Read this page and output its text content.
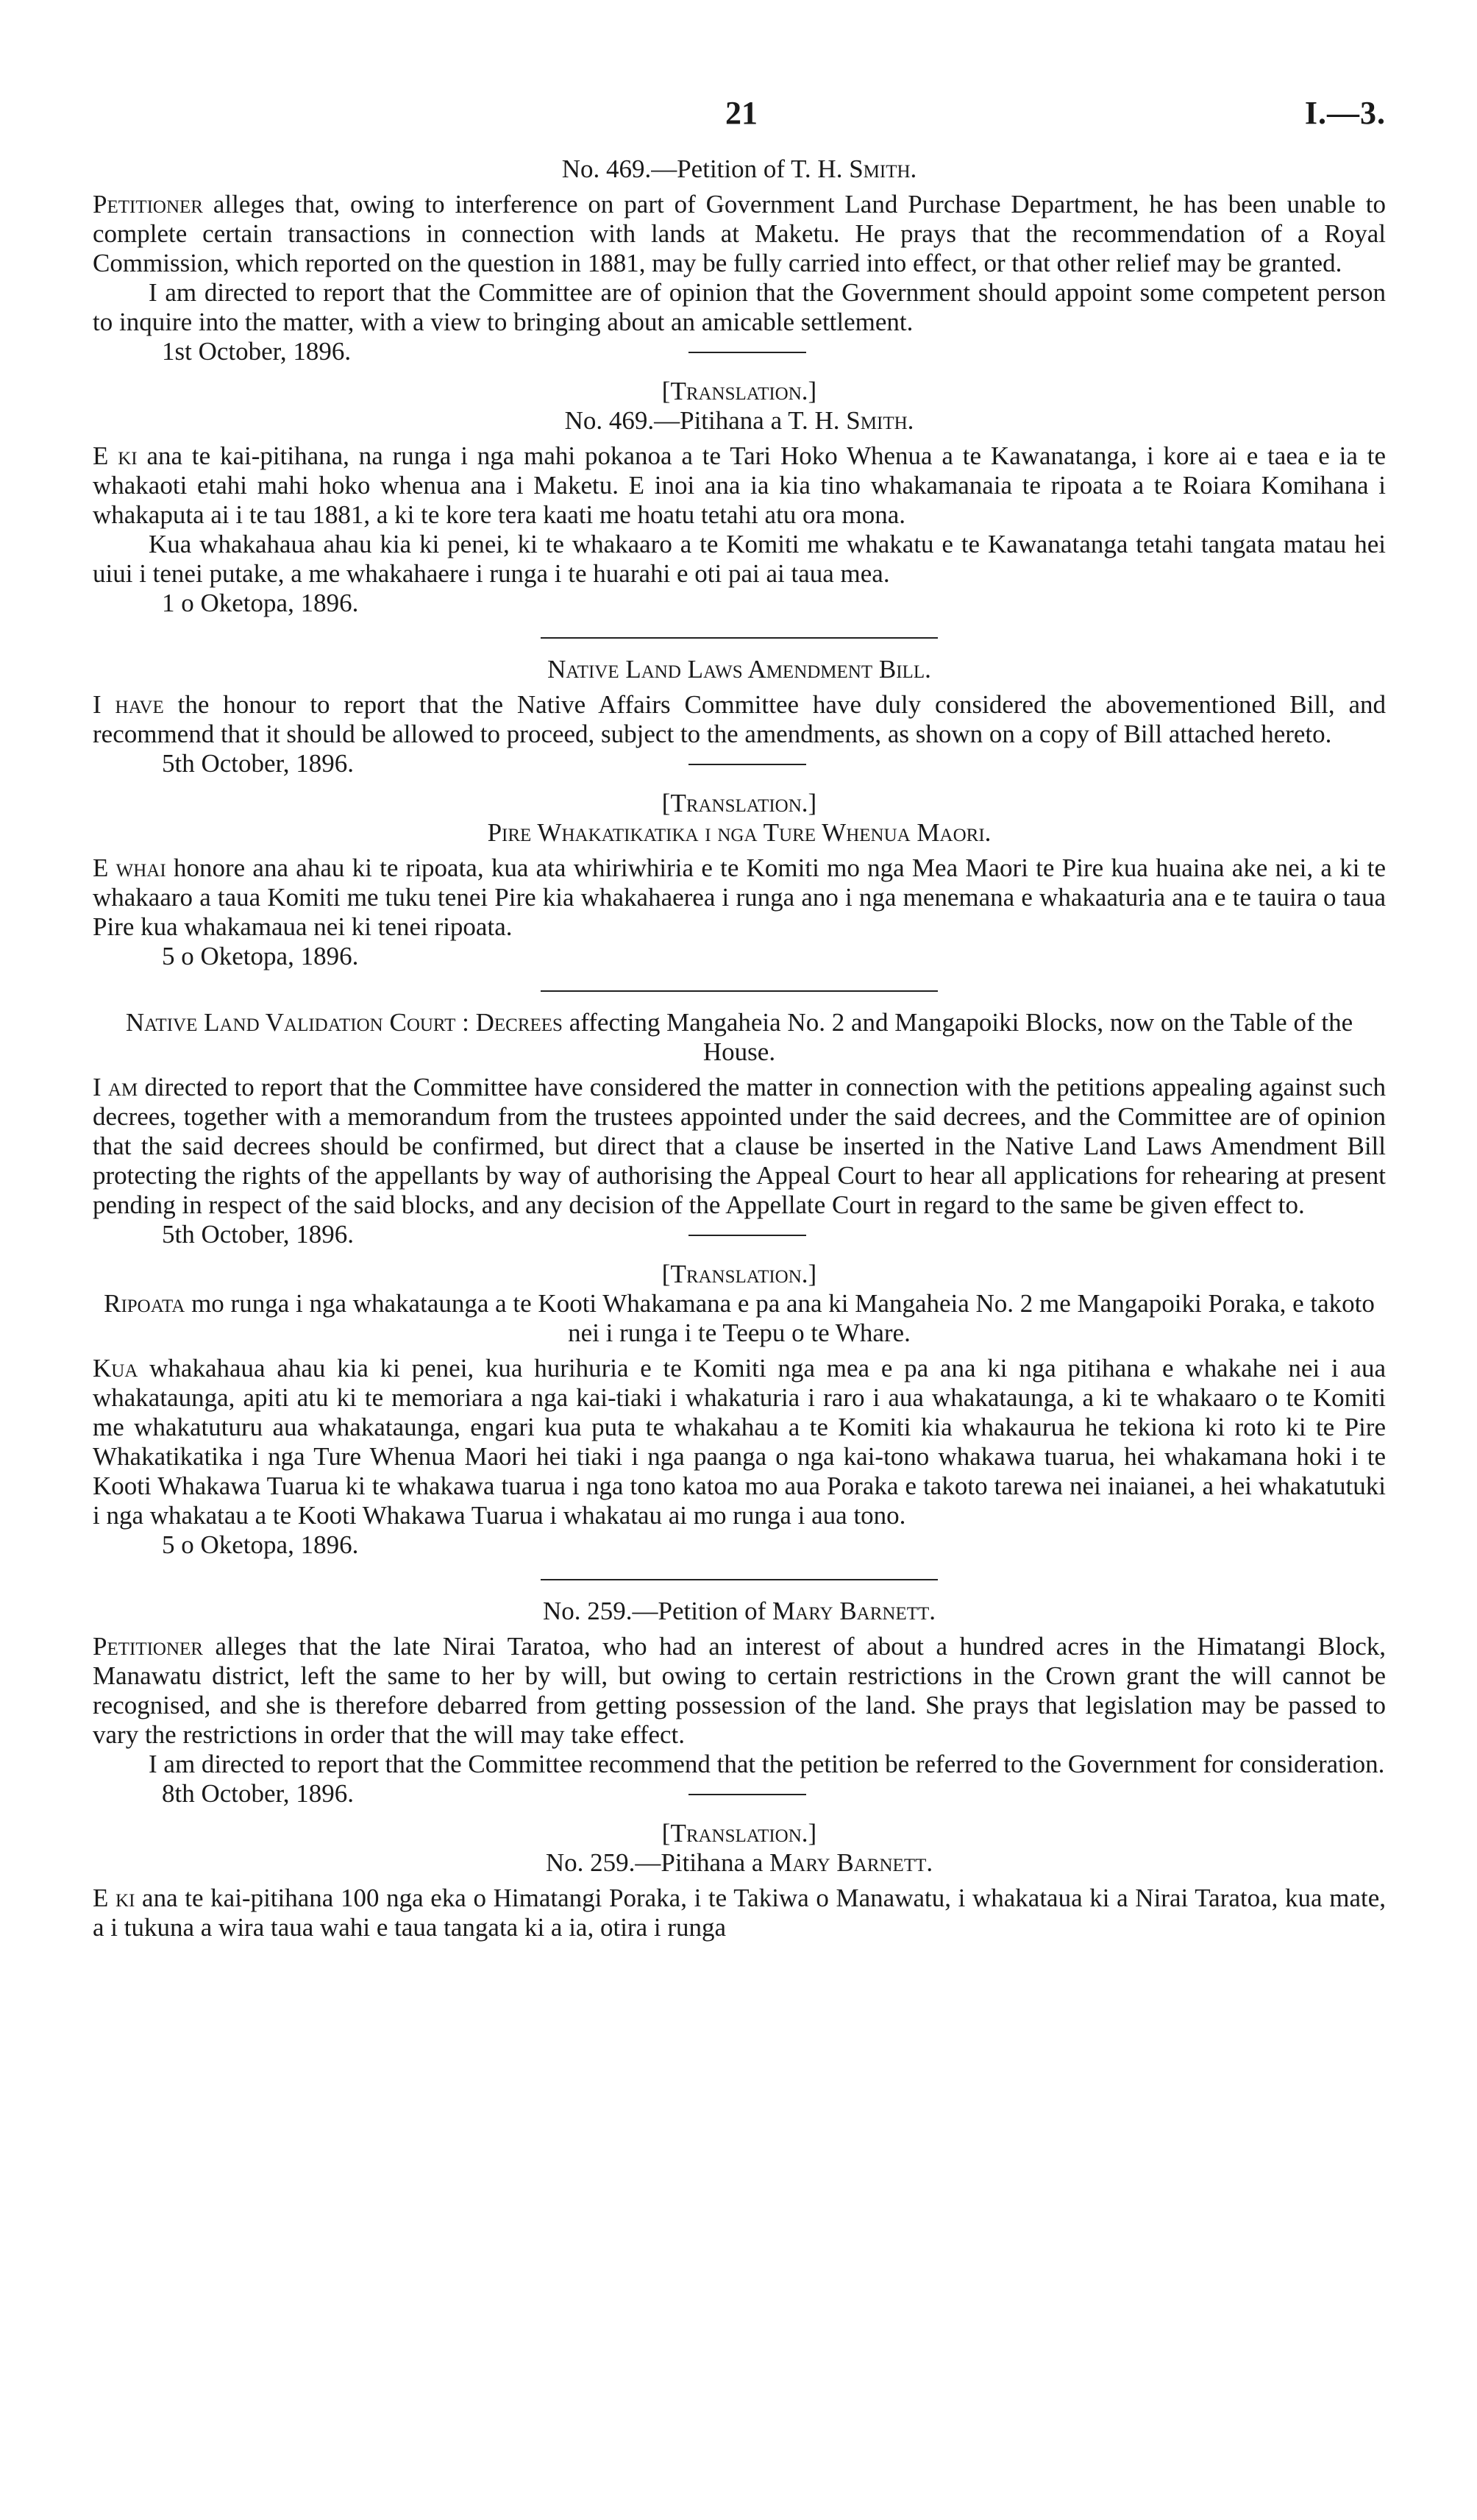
21	I.—3.

No. 469.—Petition of T. H. Smith.

Petitioner alleges that, owing to interference on part of Government Land Purchase Department, he has been unable to complete certain transactions in connection with lands at Maketu. He prays that the recommendation of a Royal Commission, which reported on the question in 1881, may be fully carried into effect, or that other relief may be granted.

I am directed to report that the Committee are of opinion that the Government should appoint some competent person to inquire into the matter, with a view to bringing about an amicable settlement.

1st October, 1896.

[Translation.]

No. 469.—Pitihana a T. H. Smith.

E ki ana te kai-pitihana, na runga i nga mahi pokanoa a te Tari Hoko Whenua a te Kawanatanga, i kore ai e taea e ia te whakaoti etahi mahi hoko whenua ana i Maketu. E inoi ana ia kia tino whakamanaia te ripoata a te Roiara Komihana i whakaputa ai i te tau 1881, a ki te kore tera kaati me hoatu tetahi atu ora mona.

Kua whakahaua ahau kia ki penei, ki te whakaaro a te Komiti me whakatu e te Kawanatanga tetahi tangata matau hei uiui i tenei putake, a me whakahaere i runga i te huarahi e oti pai ai taua mea.

1 o Oketopa, 1896.

Native Land Laws Amendment Bill.

I have the honour to report that the Native Affairs Committee have duly considered the abovementioned Bill, and recommend that it should be allowed to proceed, subject to the amendments, as shown on a copy of Bill attached hereto.

5th October, 1896.

[Translation.]

Pire Whakatikatika i nga Ture Whenua Maori.

E whai honore ana ahau ki te ripoata, kua ata whiriwhiria e te Komiti mo nga Mea Maori te Pire kua huaina ake nei, a ki te whakaaro a taua Komiti me tuku tenei Pire kia whakahaerea i runga ano i nga menemana e whakaaturia ana e te tauira o taua Pire kua whakamaua nei ki tenei ripoata.

5 o Oketopa, 1896.

Native Land Validation Court : Decrees affecting Mangaheia No. 2 and Mangapoiki Blocks, now on the Table of the House.

I am directed to report that the Committee have considered the matter in connection with the petitions appealing against such decrees, together with a memorandum from the trustees appointed under the said decrees, and the Committee are of opinion that the said decrees should be confirmed, but direct that a clause be inserted in the Native Land Laws Amendment Bill protecting the rights of the appellants by way of authorising the Appeal Court to hear all applications for rehearing at present pending in respect of the said blocks, and any decision of the Appellate Court in regard to the same be given effect to.

5th October, 1896.

[Translation.]

Ripoata mo runga i nga whakataunga a te Kooti Whakamana e pa ana ki Mangaheia No. 2 me Mangapoiki Poraka, e takoto nei i runga i te Teepu o te Whare.

Kua whakahaua ahau kia ki penei, kua hurihuria e te Komiti nga mea e pa ana ki nga pitihana e whakahe nei i aua whakataunga, apiti atu ki te memoriara a nga kai-tiaki i whakaturia i raro i aua whakataunga, a ki te whakaaro o te Komiti me whakatuturu aua whakataunga, engari kua puta te whakahau a te Komiti kia whakaurua he tekiona ki roto ki te Pire Whakatikatika i nga Ture Whenua Maori hei tiaki i nga paanga o nga kai-tono whakawa tuarua, hei whakamana hoki i te Kooti Whakawa Tuarua ki te whakawa tuarua i nga tono katoa mo aua Poraka e takoto tarewa nei inaianei, a hei whakatutuki i nga whakatau a te Kooti Whakawa Tuarua i whakatau ai mo runga i aua tono.

5 o Oketopa, 1896.

No. 259.—Petition of Mary Barnett.

Petitioner alleges that the late Nirai Taratoa, who had an interest of about a hundred acres in the Himatangi Block, Manawatu district, left the same to her by will, but owing to certain restrictions in the Crown grant the will cannot be recognised, and she is therefore debarred from getting possession of the land. She prays that legislation may be passed to vary the restrictions in order that the will may take effect.

I am directed to report that the Committee recommend that the petition be referred to the Government for consideration.

8th October, 1896.

[Translation.]

No. 259.—Pitihana a Mary Barnett.

E ki ana te kai-pitihana 100 nga eka o Himatangi Poraka, i te Takiwa o Manawatu, i whakataua ki a Nirai Taratoa, kua mate, a i tukuna a wira taua wahi e taua tangata ki a ia, otira i runga
